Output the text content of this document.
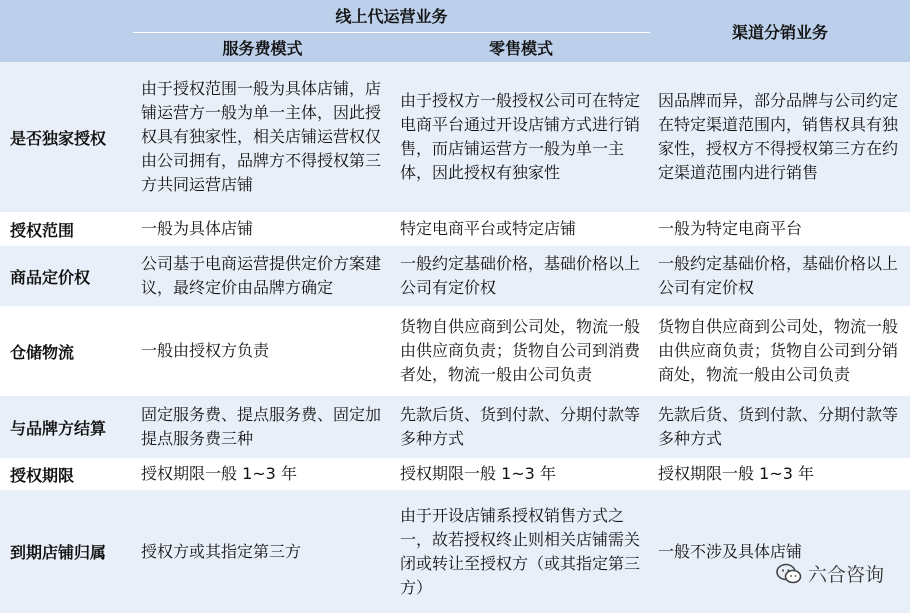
	线上代运营业务		渠道分销业务
	服务费模式	零售模式	
是否独家授权	由于授权范围一般为具体店铺，店铺运营方一般为单一主体，因此授权具有独家性，相关店铺运营权仅由公司拥有，品牌方不得授权第三方共同运营店铺	由于授权方一般授权公司可在特定电商平台通过开设店铺方式进行销售，而店铺运营方一般为单一主体，因此授权有独家性	因品牌而异，部分品牌与公司约定在特定渠道范围内，销售权具有独家性，授权方不得授权第三方在约定渠道范围内进行销售
授权范围	一般为具体店铺	特定电商平台或特定店铺	一般为特定电商平台
商品定价权	公司基于电商运营提供定价方案建议，最终定价由品牌方确定	一般约定基础价格，基础价格以上公司有定价权	一般约定基础价格，基础价格以上公司有定价权
仓储物流	一般由授权方负责	货物自供应商到公司处，物流一般由供应商负责；货物自公司到消费者处，物流一般由公司负责	货物自供应商到公司处，物流一般由供应商负责；货物自公司到分销商处，物流一般由公司负责
与品牌方结算	固定服务费、提点服务费、固定加提点服务费三种	先款后货、货到付款、分期付款等多种方式	先款后货、货到付款、分期付款等多种方式
授权期限	授权期限一般 1~3 年	授权期限一般 1~3 年	授权期限一般 1~3 年
到期店铺归属	授权方或其指定第三方	由于开设店铺系授权销售方式之一，故若授权终止则相关店铺需关闭或转让至授权方（或其指定第三方）	一般不涉及具体店铺
六合咨询
